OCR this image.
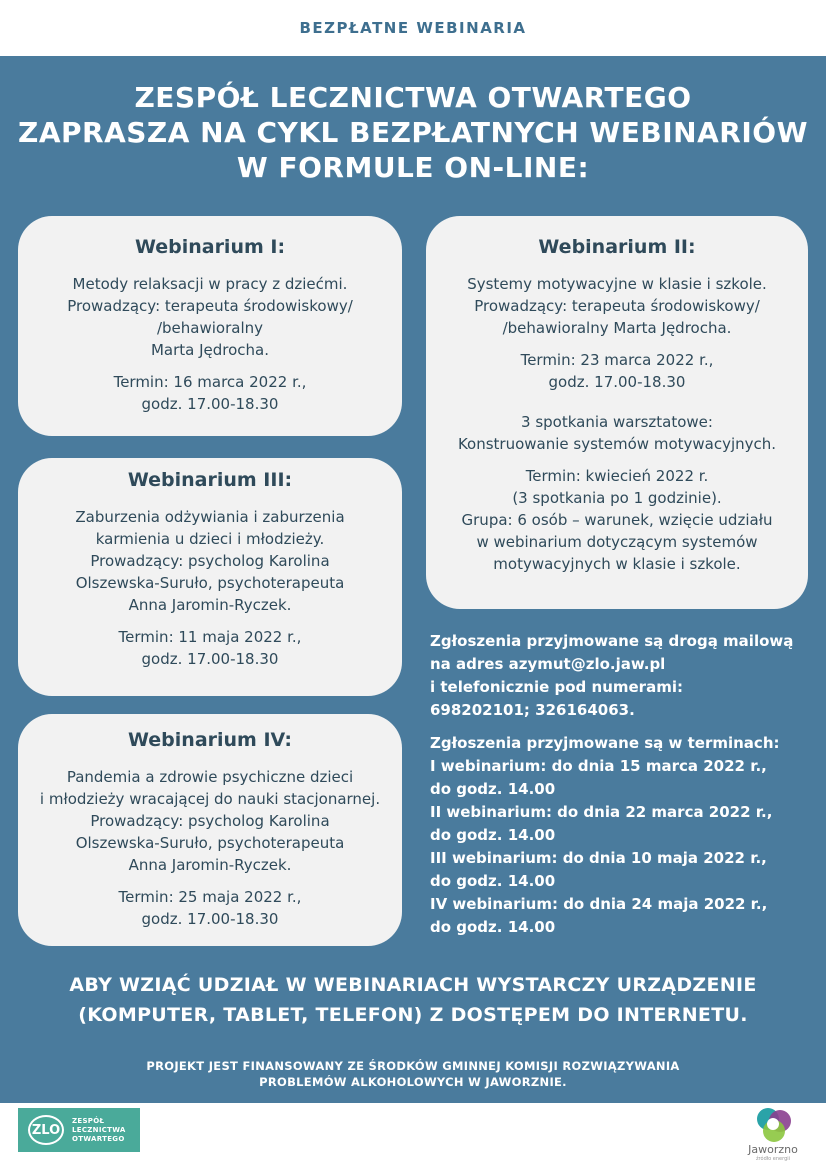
BEZPŁATNE WEBINARIA
ZESPÓŁ LECZNICTWA OTWARTEGO
ZAPRASZA NA CYKL BEZPŁATNYCH WEBINARIÓW
W FORMULE ON-LINE:
Webinarium I:

Metody relaksacji w pracy z dziećmi.
Prowadzący: terapeuta środowiskowy/
/behawioralny
Marta Jędrocha.

Termin: 16 marca 2022 r.,
godz. 17.00-18.30

Webinarium II:

Systemy motywacyjne w klasie i szkole.
Prowadzący: terapeuta środowiskowy/
/behawioralny Marta Jędrocha.

Termin: 23 marca 2022 r.,
godz. 17.00-18.30

3 spotkania warsztatowe:
Konstruowanie systemów motywacyjnych.

Termin: kwiecień 2022 r.
(3 spotkania po 1 godzinie).
Grupa: 6 osób – warunek, wzięcie udziału
w webinarium dotyczącym systemów
motywacyjnych w klasie i szkole.

Webinarium III:

Zaburzenia odżywiania i zaburzenia
karmienia u dzieci i młodzieży.
Prowadzący: psycholog Karolina
Olszewska-Suruło, psychoterapeuta
Anna Jaromin-Ryczek.

Termin: 11 maja 2022 r.,
godz. 17.00-18.30

Webinarium IV:

Pandemia a zdrowie psychiczne dzieci
i młodzieży wracającej do nauki stacjonarnej.
Prowadzący: psycholog Karolina
Olszewska-Suruło, psychoterapeuta
Anna Jaromin-Ryczek.

Termin: 25 maja 2022 r.,
godz. 17.00-18.30

Zgłoszenia przyjmowane są drogą mailową
na adres azymut@zlo.jaw.pl
i telefonicznie pod numerami:
698202101; 326164063.
Zgłoszenia przyjmowane są w terminach:
I webinarium: do dnia 15 marca 2022 r.,
do godz. 14.00
II webinarium: do dnia 22 marca 2022 r.,
do godz. 14.00
III webinarium: do dnia 10 maja 2022 r.,
do godz. 14.00
IV webinarium: do dnia 24 maja 2022 r.,
do godz. 14.00
ABY WZIĄĆ UDZIAŁ W WEBINARIACH WYSTARCZY URZĄDZENIE
(KOMPUTER, TABLET, TELEFON) Z DOSTĘPEM DO INTERNETU.
PROJEKT JEST FINANSOWANY ZE ŚRODKÓW GMINNEJ KOMISJI ROZWIĄZYWANIA
PROBLEMÓW ALKOHOLOWYCH W JAWORZNIE.
ZLO
ZESPÓŁ
LECZNICTWA
OTWARTEGO
Jaworzno
źródło energii
